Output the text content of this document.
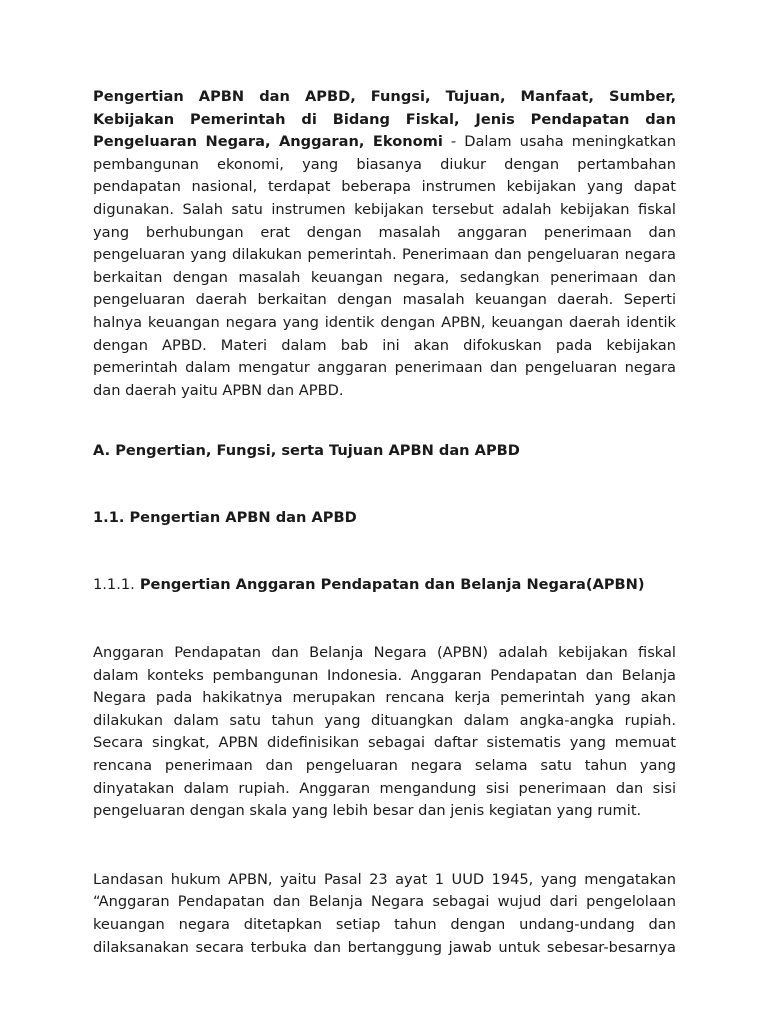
Pengertian APBN dan APBD, Fungsi, Tujuan, Manfaat, Sumber, Kebijakan Pemerintah di Bidang Fiskal, Jenis Pendapatan dan Pengeluaran Negara, Anggaran, Ekonomi - Dalam usaha meningkatkan pembangunan ekonomi, yang biasanya diukur dengan pertambahan pendapatan nasional, terdapat beberapa instrumen kebijakan yang dapat digunakan. Salah satu instrumen kebijakan tersebut adalah kebijakan fiskal yang berhubungan erat dengan masalah anggaran penerimaan dan pengeluaran yang dilakukan pemerintah. Penerimaan dan pengeluaran negara berkaitan dengan masalah keuangan negara, sedangkan penerimaan dan pengeluaran daerah berkaitan dengan masalah keuangan daerah. Seperti halnya keuangan negara yang identik dengan APBN, keuangan daerah identik dengan APBD. Materi dalam bab ini akan difokuskan pada kebijakan pemerintah dalam mengatur anggaran penerimaan dan pengeluaran negara dan daerah yaitu APBN dan APBD.

A. Pengertian, Fungsi, serta Tujuan APBN dan APBD

1.1. Pengertian APBN dan APBD

1.1.1. Pengertian Anggaran Pendapatan dan Belanja Negara(APBN)

Anggaran Pendapatan dan Belanja Negara (APBN) adalah kebijakan fiskal dalam konteks pembangunan Indonesia. Anggaran Pendapatan dan Belanja Negara pada hakikatnya merupakan rencana kerja pemerintah yang akan dilakukan dalam satu tahun yang dituangkan dalam angka-angka rupiah. Secara singkat, APBN didefinisikan sebagai daftar sistematis yang memuat rencana penerimaan dan pengeluaran negara selama satu tahun yang dinyatakan dalam rupiah. Anggaran mengandung sisi penerimaan dan sisi pengeluaran dengan skala yang lebih besar dan jenis kegiatan yang rumit.

Landasan hukum APBN, yaitu Pasal 23 ayat 1 UUD 1945, yang mengatakan “Anggaran Pendapatan dan Belanja Negara sebagai wujud dari pengelolaan keuangan negara ditetapkan setiap tahun dengan undang-undang dan dilaksanakan secara terbuka dan bertanggung jawab untuk sebesar-besarnya
